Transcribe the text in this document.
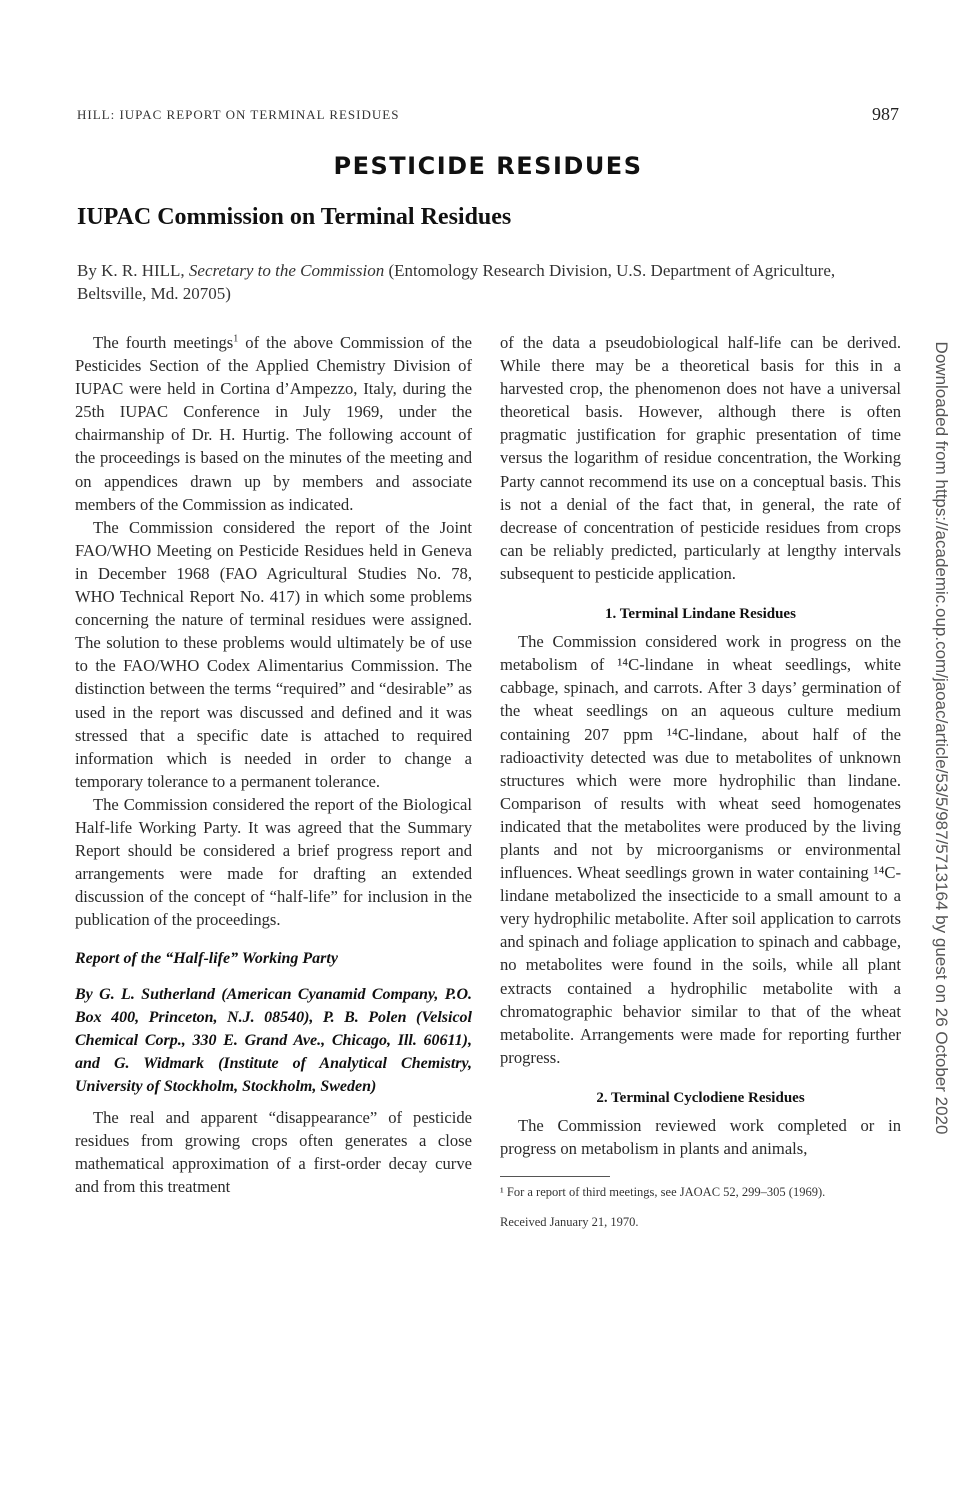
HILL: IUPAC REPORT ON TERMINAL RESIDUES	987
PESTICIDE RESIDUES
IUPAC Commission on Terminal Residues
By K. R. HILL, Secretary to the Commission (Entomology Research Division, U.S. Department of Agriculture, Beltsville, Md. 20705)

The fourth meetings$^1$ of the above Commission of the Pesticides Section of the Applied Chemistry Division of IUPAC were held in Cortina d’Ampezzo, Italy, during the 25th IUPAC Conference in July 1969, under the chairmanship of Dr. H. Hurtig. The following account of the proceedings is based on the minutes of the meeting and on appendices drawn up by members and associate members of the Commission as indicated.

The Commission considered the report of the Joint FAO/WHO Meeting on Pesticide Residues held in Geneva in December 1968 (FAO Agricultural Studies No. 78, WHO Technical Report No. 417) in which some problems concerning the nature of terminal residues were assigned. The solution to these problems would ultimately be of use to the FAO/WHO Codex Alimentarius Commission. The distinction between the terms “required” and “desirable” as used in the report was discussed and defined and it was stressed that a specific date is attached to required information which is needed in order to change a temporary tolerance to a permanent tolerance.

The Commission considered the report of the Biological Half-life Working Party. It was agreed that the Summary Report should be considered a brief progress report and arrangements were made for drafting an extended discussion of the concept of “half-life” for inclusion in the publication of the proceedings.

Report of the “Half-life” Working Party
By G. L. Sutherland (American Cyanamid Company, P.O. Box 400, Princeton, N.J. 08540), P. B. Polen (Velsicol Chemical Corp., 330 E. Grand Ave., Chicago, Ill. 60611), and G. Widmark (Institute of Analytical Chemistry, University of Stockholm, Stockholm, Sweden)

The real and apparent “disappearance” of pesticide residues from growing crops often generates a close mathematical approximation of a first-order decay curve and from this treatment

of the data a pseudobiological half-life can be derived. While there may be a theoretical basis for this in a harvested crop, the phenomenon does not have a universal theoretical basis. However, although there is often pragmatic justification for graphic presentation of time versus the logarithm of residue concentration, the Working Party cannot recommend its use on a conceptual basis. This is not a denial of the fact that, in general, the rate of decrease of concentration of pesticide residues from crops can be reliably predicted, particularly at lengthy intervals subsequent to pesticide application.

1. Terminal Lindane Residues

The Commission considered work in progress on the metabolism of ¹⁴C-lindane in wheat seedlings, white cabbage, spinach, and carrots. After 3 days’ germination of the wheat seedlings on an aqueous culture medium containing 207 ppm ¹⁴C-lindane, about half of the radioactivity detected was due to metabolites of unknown structures which were more hydrophilic than lindane. Comparison of results with wheat seed homogenates indicated that the metabolites were produced by the living plants and not by microorganisms or environmental influences. Wheat seedlings grown in water containing ¹⁴C-lindane metabolized the insecticide to a small amount to a very hydrophilic metabolite. After soil application to carrots and spinach and foliage application to spinach and cabbage, no metabolites were found in the soils, while all plant extracts contained a hydrophilic metabolite with a chromatographic behavior similar to that of the wheat metabolite. Arrangements were made for reporting further progress.

2. Terminal Cyclodiene Residues

The Commission reviewed work completed or in progress on metabolism in plants and animals,

¹ For a report of third meetings, see JAOAC 52, 299–305 (1969).
Received January 21, 1970.
Downloaded from https://academic.oup.com/jaoac/article/53/5/987/5713164 by guest on 26 October 2020
